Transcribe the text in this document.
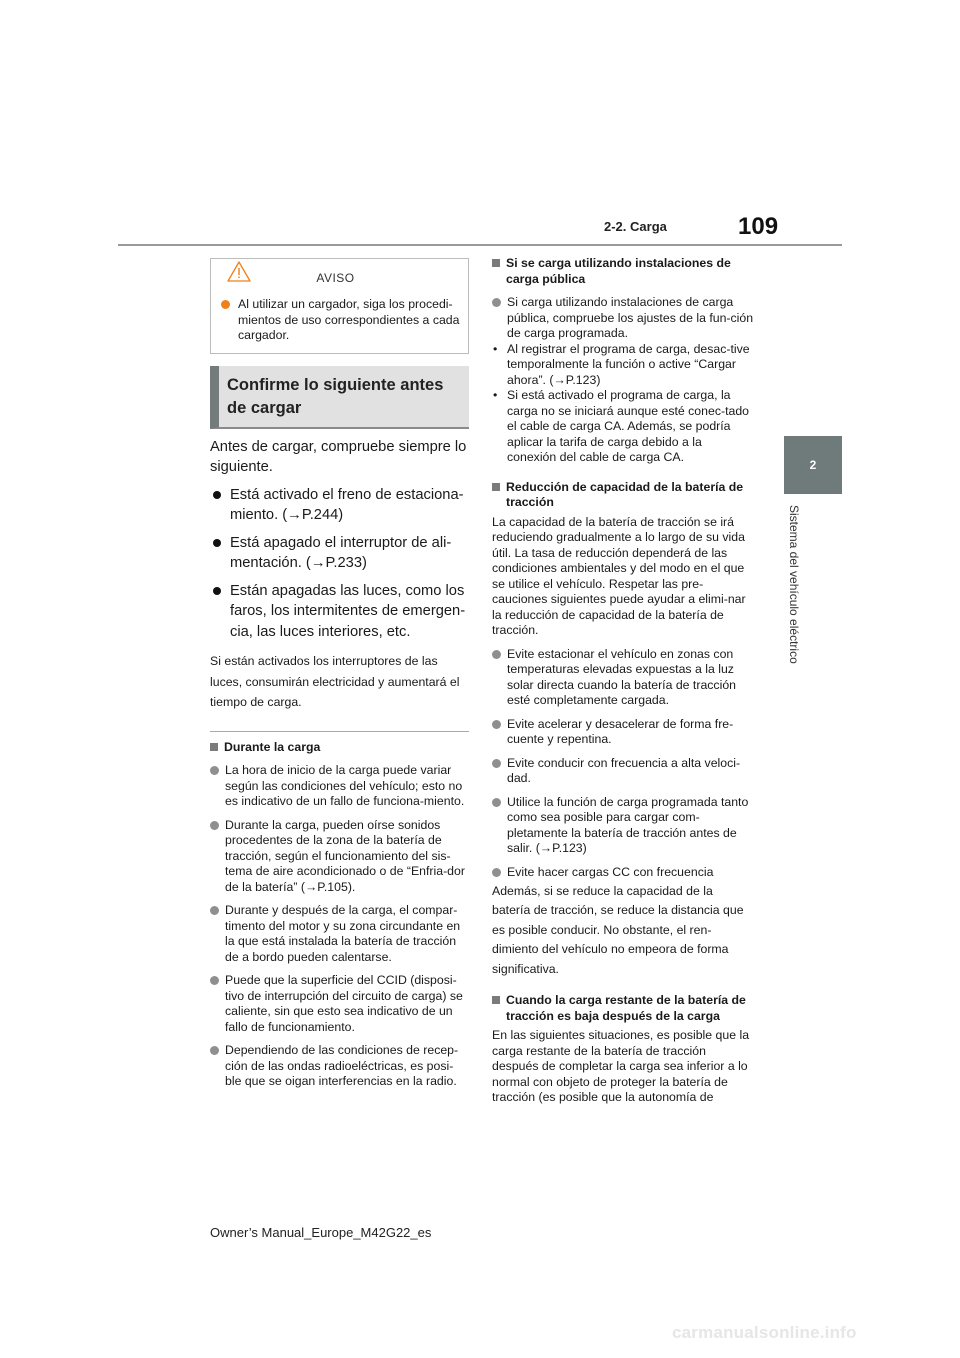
2-2. Carga	109
2
Sistema del vehículo eléctrico
AVISO
Al utilizar un cargador, siga los procedi-mientos de uso correspondientes a cada cargador.
Confirme lo siguiente antes de cargar
Antes de cargar, compruebe siempre lo siguiente.
Está activado el freno de estaciona-miento. (→P.244)
Está apagado el interruptor de ali-mentación. (→P.233)
Están apagadas las luces, como los faros, los intermitentes de emergen-cia, las luces interiores, etc.
Si están activados los interruptores de las luces, consumirán electricidad y aumentará el tiempo de carga.
Durante la carga
La hora de inicio de la carga puede variar según las condiciones del vehículo; esto no es indicativo de un fallo de funciona-miento.
Durante la carga, pueden oírse sonidos procedentes de la zona de la batería de tracción, según el funcionamiento del sis-tema de aire acondicionado o de “Enfria-dor de la batería” (→P.105).
Durante y después de la carga, el compar-timento del motor y su zona circundante en la que está instalada la batería de tracción de a bordo pueden calentarse.
Puede que la superficie del CCID (disposi-tivo de interrupción del circuito de carga) se caliente, sin que esto sea indicativo de un fallo de funcionamiento.
Dependiendo de las condiciones de recep-ción de las ondas radioeléctricas, es posi-ble que se oigan interferencias en la radio.
Si se carga utilizando instalaciones de carga pública
Si carga utilizando instalaciones de carga pública, compruebe los ajustes de la fun-ción de carga programada.
• Al registrar el programa de carga, desac-tive temporalmente la función o active “Cargar ahora”. (→P.123)
• Si está activado el programa de carga, la carga no se iniciará aunque esté conec-tado el cable de carga CA. Además, se podría aplicar la tarifa de carga debido a la conexión del cable de carga CA.
Reducción de capacidad de la batería de tracción
La capacidad de la batería de tracción se irá reduciendo gradualmente a lo largo de su vida útil. La tasa de reducción dependerá de las condiciones ambientales y del modo en el que se utilice el vehículo. Respetar las pre-cauciones siguientes puede ayudar a elimi-nar la reducción de capacidad de la batería de tracción.
Evite estacionar el vehículo en zonas con temperaturas elevadas expuestas a la luz solar directa cuando la batería de tracción esté completamente cargada.
Evite acelerar y desacelerar de forma fre-cuente y repentina.
Evite conducir con frecuencia a alta veloci-dad.
Utilice la función de carga programada tanto como sea posible para cargar com-pletamente la batería de tracción antes de salir. (→P.123)
Evite hacer cargas CC con frecuencia
Además, si se reduce la capacidad de la batería de tracción, se reduce la distancia que es posible conducir. No obstante, el ren-dimiento del vehículo no empeora de forma significativa.
Cuando la carga restante de la batería de tracción es baja después de la carga
En las siguientes situaciones, es posible que la carga restante de la batería de tracción después de completar la carga sea inferior a lo normal con objeto de proteger la batería de tracción (es posible que la autonomía de
Owner’s Manual_Europe_M42G22_es
carmanualsonline.info
